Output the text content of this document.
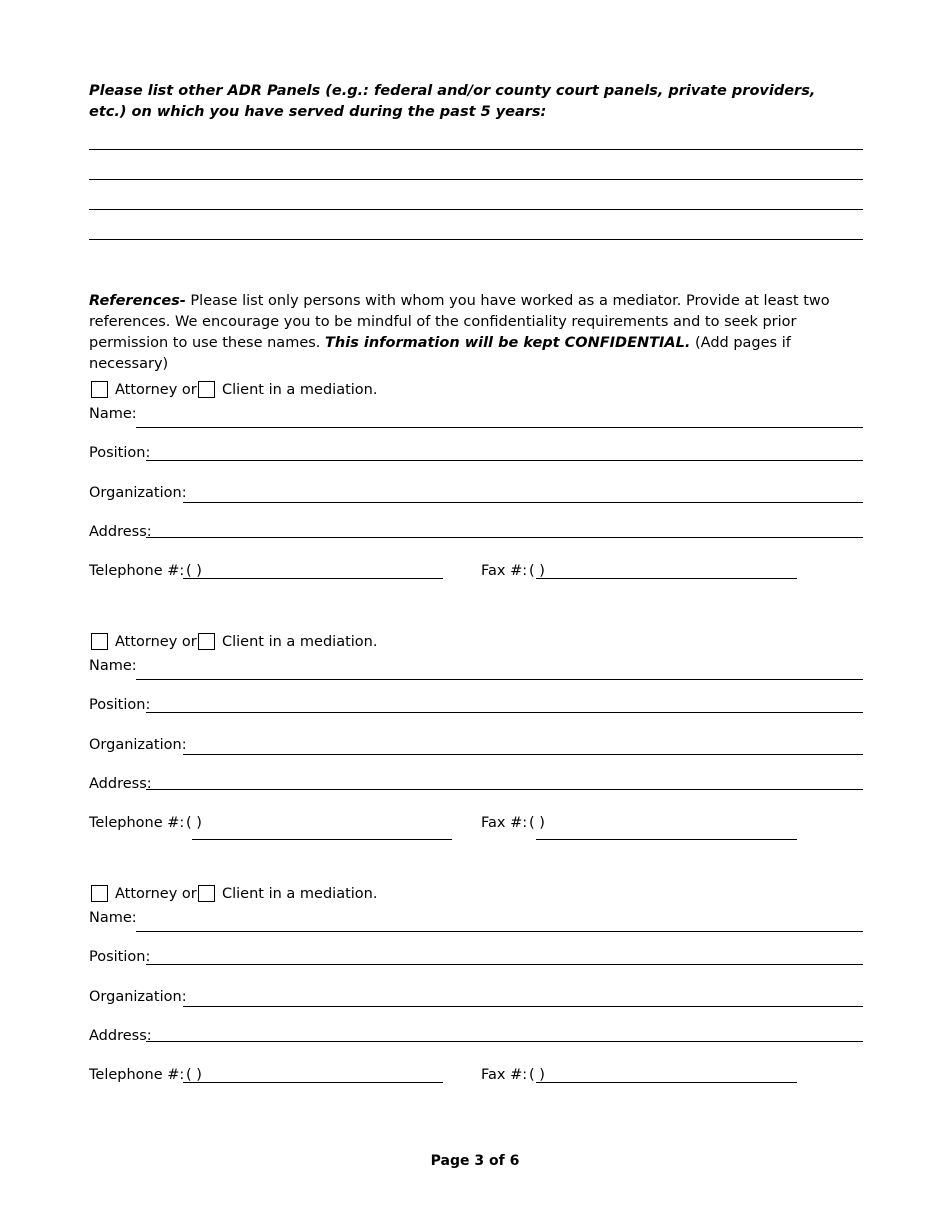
Please list other ADR Panels (e.g.: federal and/or county court panels, private providers, etc.) on which you have served during the past 5 years:
References- Please list only persons with whom you have worked as a mediator. Provide at least two references. We encourage you to be mindful of the confidentiality requirements and to seek prior permission to use these names. This information will be kept CONFIDENTIAL. (Add pages if necessary)
Attorney or Client in a mediation.
Name:
Position:
Organization:
Address:
Telephone #: ( )	Fax #: ( )
Attorney or Client in a mediation.
Name:
Position:
Organization:
Address:
Telephone #: ( )	Fax #: ( )
Attorney or Client in a mediation.
Name:
Position:
Organization:
Address:
Telephone #: ( )	Fax #: ( )
Page 3 of 6
